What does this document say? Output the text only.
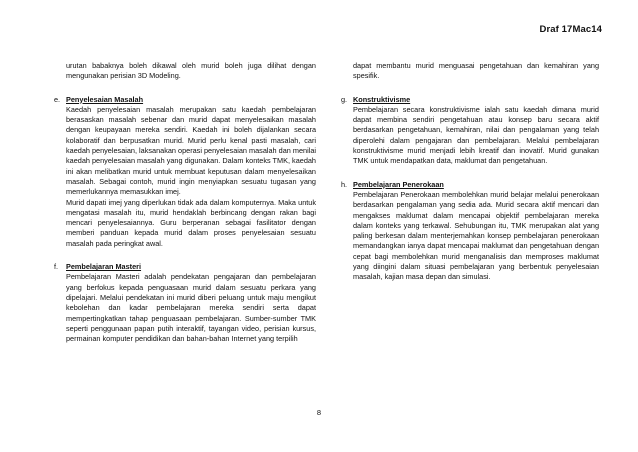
Draf 17Mac14
urutan babaknya boleh dikawal oleh murid boleh juga dilihat dengan mengunakan perisian 3D Modeling.
e. Penyelesaian Masalah
Kaedah penyelesaian masalah merupakan satu kaedah pembelajaran berasaskan masalah sebenar dan murid dapat menyelesaikan masalah dengan keupayaan mereka sendiri. Kaedah ini boleh dijalankan secara kolaboratif dan berpusatkan murid. Murid perlu kenal pasti masalah, cari kaedah penyelesaian, laksanakan operasi penyelesaian masalah dan menilai kaedah penyelesaian masalah yang digunakan. Dalam konteks TMK, kaedah ini akan melibatkan murid untuk membuat keputusan dalam menyelesaikan masalah. Sebagai contoh, murid ingin menyiapkan sesuatu tugasan yang memerlukannya memasukkan imej.
Murid dapati imej yang diperlukan tidak ada dalam komputernya. Maka untuk mengatasi masalah itu, murid hendaklah berbincang dengan rakan bagi mencari penyelesaiannya. Guru berperanan sebagai fasilitator dengan memberi panduan kepada murid dalam proses penyelesaian sesuatu masalah pada peringkat awal.
f.	Pembelajaran Masteri
Pembelajaran Masteri adalah pendekatan pengajaran dan pembelajaran yang berfokus kepada penguasaan murid dalam sesuatu perkara yang dipelajari. Melalui pendekatan ini murid diberi peluang untuk maju mengikut kebolehan dan kadar pembelajaran mereka sendiri serta dapat mempertingkatkan tahap penguasaan pembelajaran. Sumber-sumber TMK seperti penggunaan papan putih interaktif, tayangan video, perisian kursus, permainan komputer pendidikan dan bahan-bahan Internet yang terpilih
dapat membantu murid menguasai pengetahuan dan kemahiran yang spesifik.
g. Konstruktivisme
Pembelajaran secara konstruktivisme ialah satu kaedah dimana murid dapat membina sendiri pengetahuan atau konsep baru secara aktif berdasarkan pengetahuan, kemahiran, nilai dan pengalaman yang telah diperolehi dalam pengajaran dan pembelajaran. Melalui pembelajaran konstruktivisme murid menjadi lebih kreatif dan inovatif. Murid gunakan TMK untuk mendapatkan data, maklumat dan pengetahuan.
h. Pembelajaran Penerokaan
Pembelajaran Penerokaan membolehkan murid belajar melalui penerokaan berdasarkan pengalaman yang sedia ada. Murid secara aktif mencari dan mengakses maklumat dalam mencapai objektif pembelajaran mereka dalam konteks yang terkawal. Sehubungan itu, TMK merupakan alat yang paling berkesan dalam menterjemahkan konsep pembelajaran penerokaan memandangkan ianya dapat mencapai maklumat dan pengetahuan dengan cepat bagi membolehkan murid menganalisis dan memproses maklumat yang diingini dalam situasi pembelajaran yang berbentuk penyelesaian masalah, kajian masa depan dan simulasi.
8
